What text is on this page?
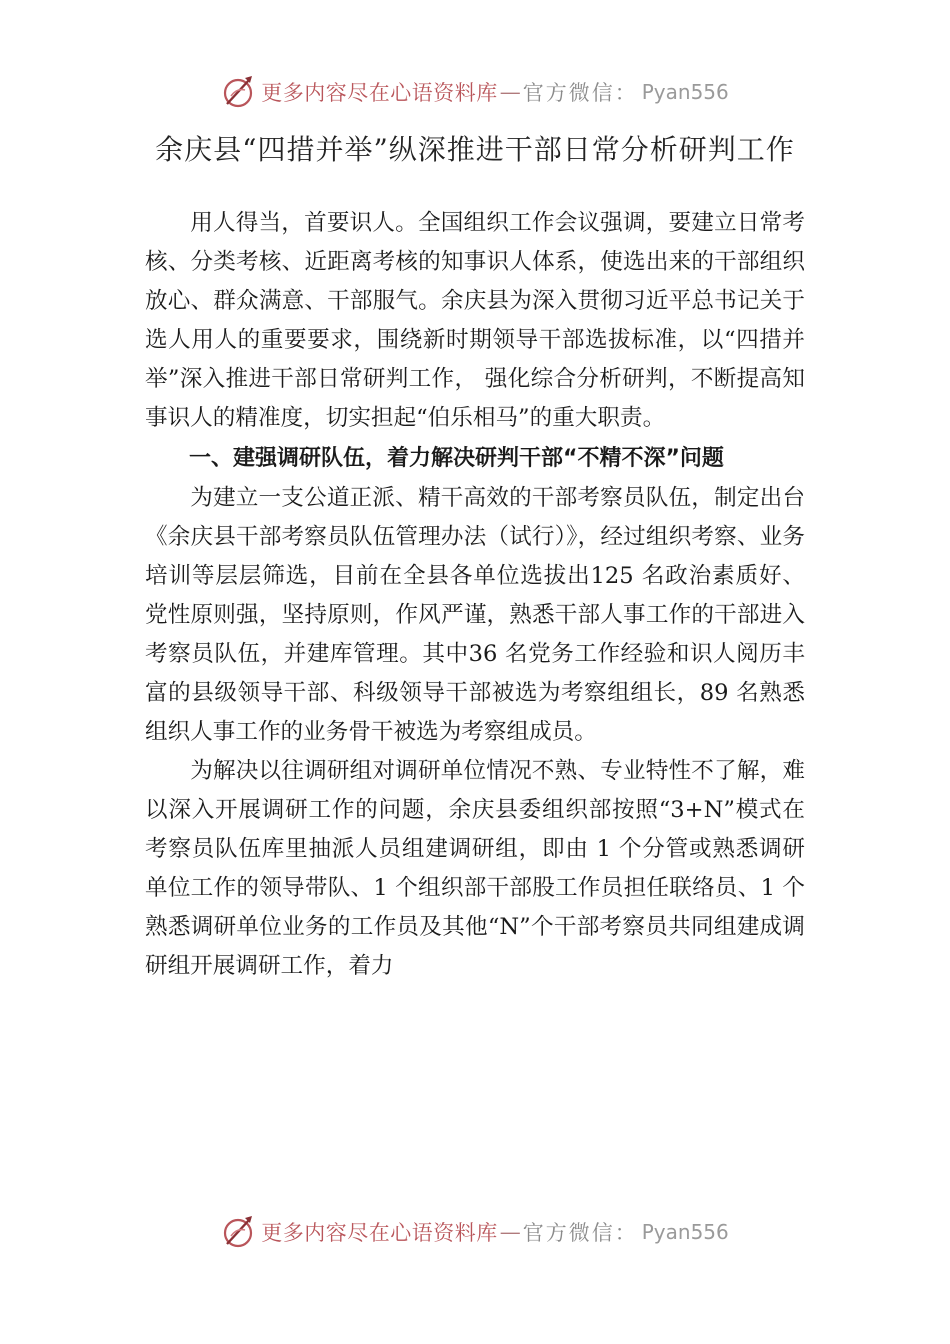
更多内容尽在心语资料库 — 官方微信： Pyan556
余庆县“四措并举”纵深推进干部日常分析研判工作

用人得当，首要识人。全国组织工作会议强调，要建立日常考核、分类考核、近距离考核的知事识人体系，使选出来的干部组织放心、群众满意、干部服气。余庆县为深入贯彻习近平总书记关于选人用人的重要要求，围绕新时期领导干部选拔标准，以“四措并举”深入推进干部日常研判工作， 强化综合分析研判，不断提高知事识人的精准度，切实担起“伯乐相马”的重大职责。

一、建强调研队伍，着力解决研判干部“不精不深”问题

为建立一支公道正派、精干高效的干部考察员队伍，制定出台《余庆县干部考察员队伍管理办法（试行）》，经过组织考察、业务培训等层层筛选，目前在全县各单位选拔出125 名政治素质好、党性原则强，坚持原则，作风严谨，熟悉干部人事工作的干部进入考察员队伍，并建库管理。其中36 名党务工作经验和识人阅历丰富的县级领导干部、科级领导干部被选为考察组组长，89 名熟悉组织人事工作的业务骨干被选为考察组成员。

为解决以往调研组对调研单位情况不熟、专业特性不了解，难以深入开展调研工作的问题，余庆县委组织部按照“3+N”模式在考察员队伍库里抽派人员组建调研组，即由 1 个分管或熟悉调研单位工作的领导带队、1 个组织部干部股工作员担任联络员、1 个熟悉调研单位业务的工作员及其他“N”个干部考察员共同组建成调研组开展调研工作，着力

更多内容尽在心语资料库 — 官方微信： Pyan556
